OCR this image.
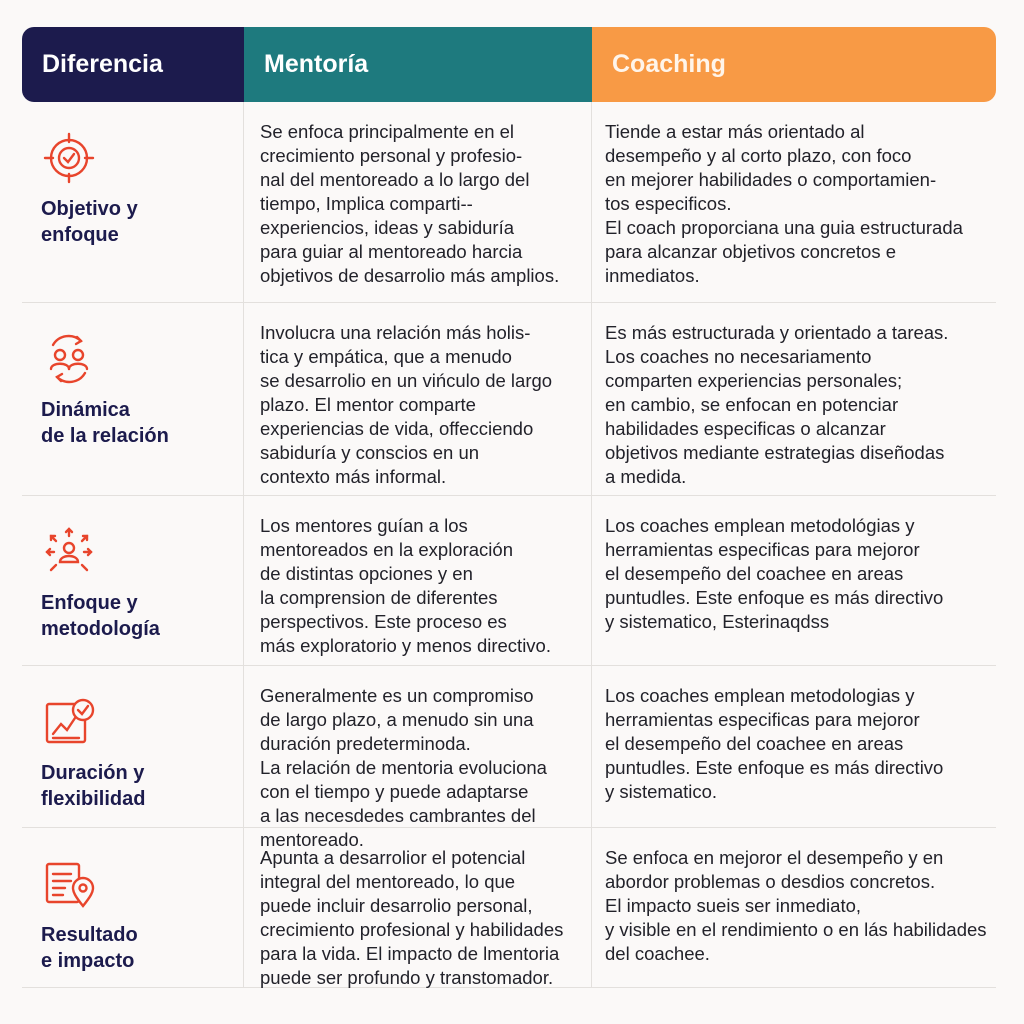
Diferencia	Mentoría	Coaching
Objetivo y
enfoque
Se enfoca principalmente en el
crecimiento personal y profesio-
nal del mentoreado a lo largo del
tiempo, Implica comparti--
experiencios, ideas y sabiduría
para guiar al mentoreado harcia
objetivos de desarrolio más amplios.
Tiende a estar más orientado al
desempeño y al corto plazo, con foco
en mejorer habilidades o comportamien-
tos especificos.
El coach proporciana una guia estructurada
para alcanzar objetivos concretos e
inmediatos.
Dinámica
de la relación
Involucra una relación más holis-
tica y empática, que a menudo
se desarrolio en un vińculo de largo
plazo. El mentor comparte
experiencias de vida, offecciendo
sabiduría y conscios en un
contexto más informal.
Es más estructurada y orientado a tareas.
Los coaches no necesariamento
comparten experiencias personales;
en cambio, se enfocan en potenciar
habilidades especificas o alcanzar
objetivos mediante estrategias diseñodas
a medida.
Enfoque y
metodología
Los mentores guían a los
mentoreados en la exploración
de distintas opciones y en
la comprension de diferentes
perspectivos. Este proceso es
más exploratorio y menos directivo.
Los coaches emplean metodológias y
herramientas especificas para mejoror
el desempeño del coachee en areas
puntudles. Este enfoque es más directivo
y sistematico, Esterinaqdss
Duración y
flexibilidad
Generalmente es un compromiso
de largo plazo, a menudo sin una
duración predeterminoda.
La relación de mentoria evoluciona
con el tiempo y puede adaptarse
a las necesdedes cambrantes del mentoreado.
Los coaches emplean metodologias y
herramientas especificas para mejoror
el desempeño del coachee en areas
puntudles. Este enfoque es más directivo
y sistematico.
Resultado
e impacto
Apunta a desarrolior el potencial
integral del mentoreado, lo que
puede incluir desarrolio personal,
crecimiento profesional y habilidades
para la vida. El impacto de lmentoria
puede ser profundo y transtomador.
Se enfoca en mejoror el desempeño y en
abordor problemas o desdios concretos.
El impacto sueis ser inmediato,
y visible en el rendimiento o en lás habilidades
del coachee.
